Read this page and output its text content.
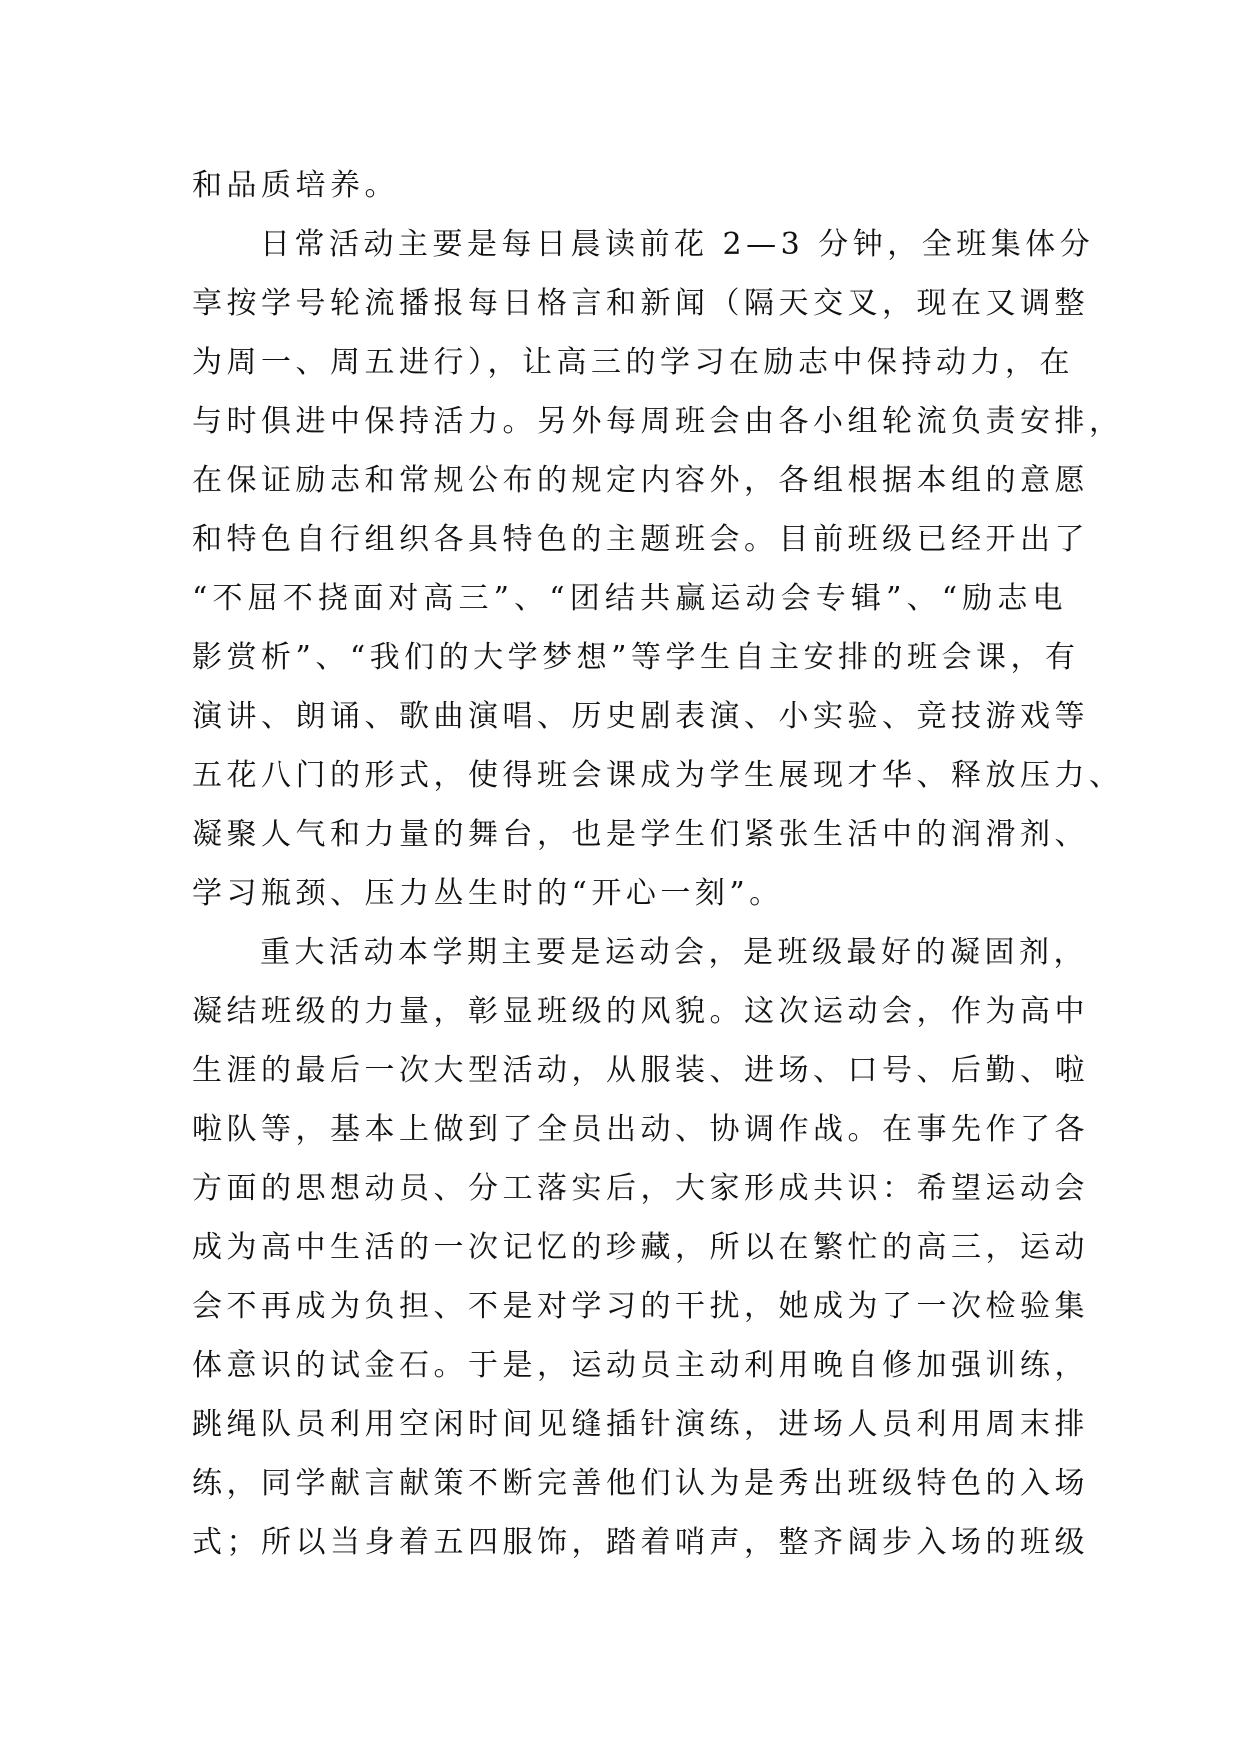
和品质培养。
日常活动主要是每日晨读前花 2—3 分钟，全班集体分
享按学号轮流播报每日格言和新闻（隔天交叉，现在又调整
为周一、周五进行），让高三的学习在励志中保持动力，在
与时俱进中保持活力。另外每周班会由各小组轮流负责安排，
在保证励志和常规公布的规定内容外，各组根据本组的意愿
和特色自行组织各具特色的主题班会。目前班级已经开出了
“不屈不挠面对高三”、“团结共赢运动会专辑”、“励志电
影赏析”、“我们的大学梦想”等学生自主安排的班会课，有
演讲、朗诵、歌曲演唱、历史剧表演、小实验、竞技游戏等
五花八门的形式，使得班会课成为学生展现才华、释放压力、
凝聚人气和力量的舞台，也是学生们紧张生活中的润滑剂、
学习瓶颈、压力丛生时的“开心一刻”。
重大活动本学期主要是运动会，是班级最好的凝固剂，
凝结班级的力量，彰显班级的风貌。这次运动会，作为高中
生涯的最后一次大型活动，从服装、进场、口号、后勤、啦
啦队等，基本上做到了全员出动、协调作战。在事先作了各
方面的思想动员、分工落实后，大家形成共识：希望运动会
成为高中生活的一次记忆的珍藏，所以在繁忙的高三，运动
会不再成为负担、不是对学习的干扰，她成为了一次检验集
体意识的试金石。于是，运动员主动利用晚自修加强训练，
跳绳队员利用空闲时间见缝插针演练，进场人员利用周末排
练，同学献言献策不断完善他们认为是秀出班级特色的入场
式；所以当身着五四服饰，踏着哨声，整齐阔步入场的班级
